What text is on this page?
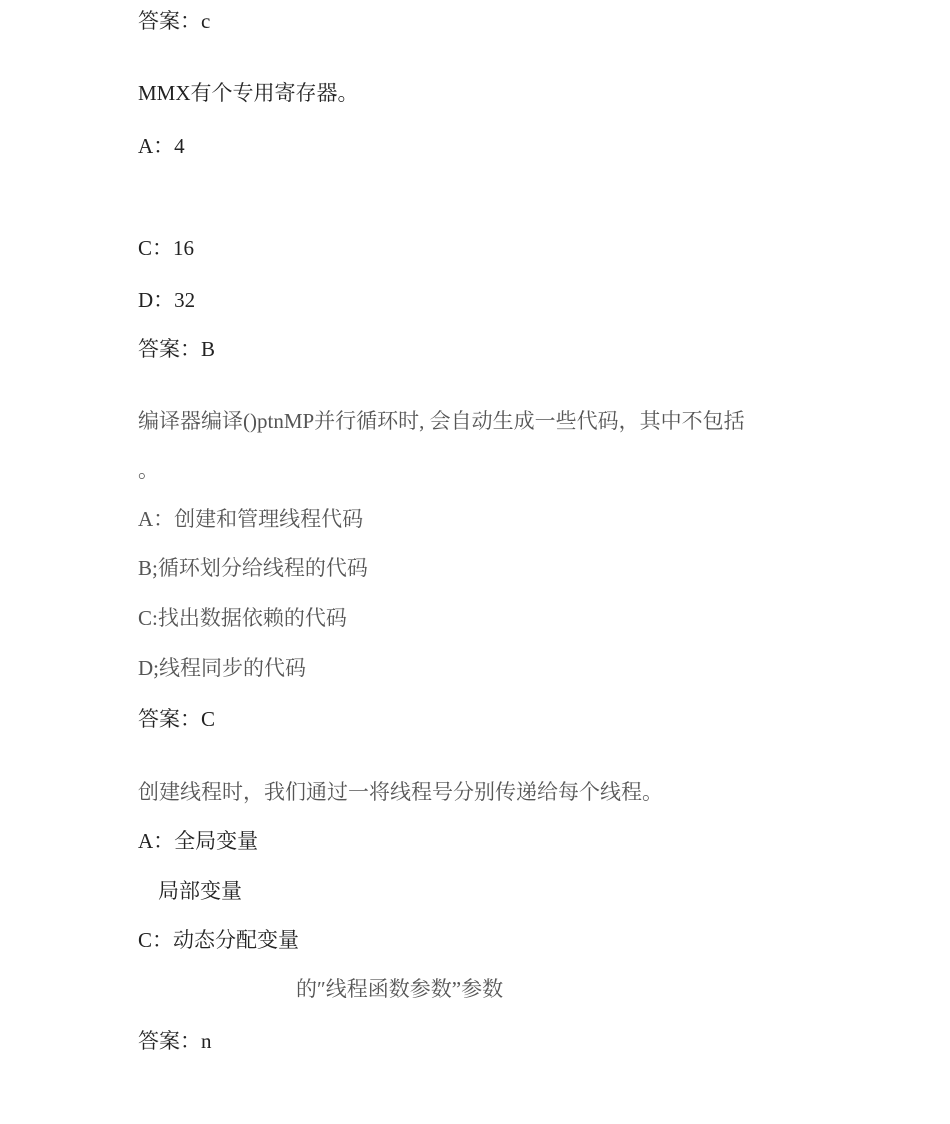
答案：c
MMX有个专用寄存器。
A：4
C：16
D：32
答案：B
编译器编译()ptnMP并行循环时, 会自动生成一些代码，其中不包括
。
A：创建和管理线程代码
B;循环划分给线程的代码
C:找出数据依赖的代码
D;线程同步的代码
答案：C
创建线程时，我们通过一将线程号分别传递给每个线程。
A：全局变量
局部变量
C：动态分配变量
的″线程函数参数”参数
答案：n
